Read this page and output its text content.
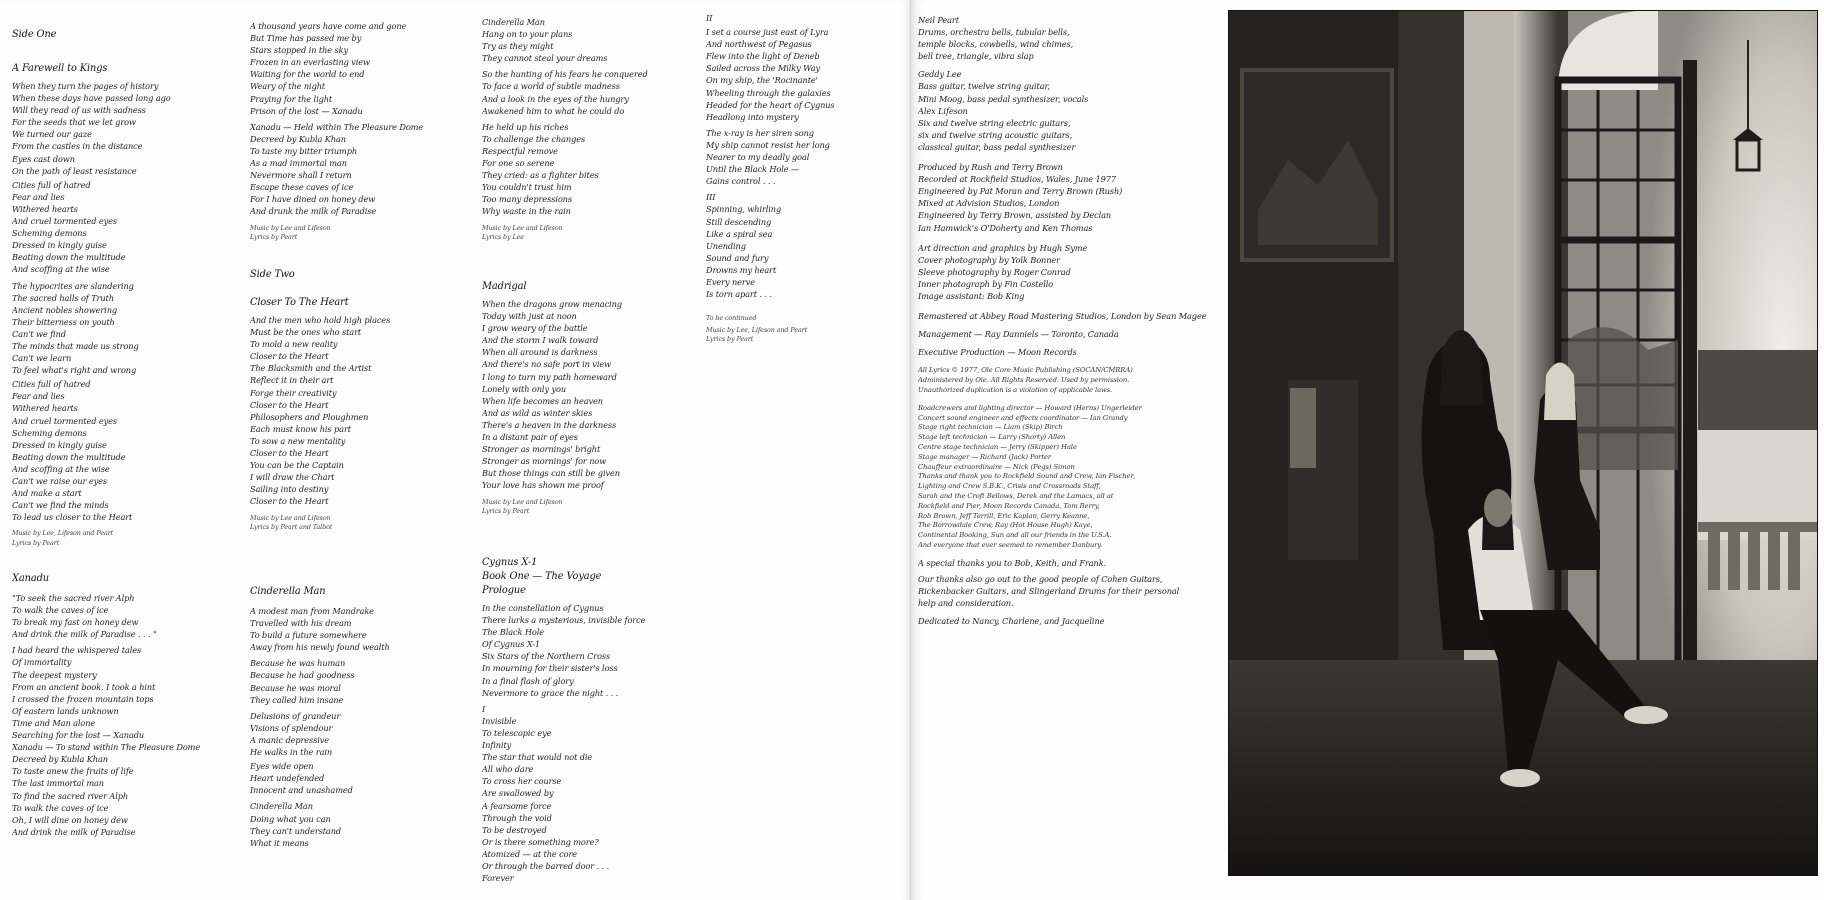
Side One

A Farewell to Kings

When they turn the pages of history

When these days have passed long ago

Will they read of us with sadness

For the seeds that we let grow

We turned our gaze

From the castles in the distance

Eyes cast down

On the path of least resistance

Cities full of hatred

Fear and lies

Withered hearts

And cruel tormented eyes

Scheming demons

Dressed in kingly guise

Beating down the multitude

And scoffing at the wise

The hypocrites are slandering

The sacred halls of Truth

Ancient nobles showering

Their bitterness on youth

Can't we find

The minds that made us strong

Can't we learn

To feel what's right and wrong

Cities full of hatred

Fear and lies

Withered hearts

And cruel tormented eyes

Scheming demons

Dressed in kingly guise

Beating down the multitude

And scoffing at the wise

Can't we raise our eyes

And make a start

Can't we find the minds

To lead us closer to the Heart

Music by Lee, Lifeson and Peart

Lyrics by Peart

Xanadu

"To seek the sacred river Alph

To walk the caves of ice

To break my fast on honey dew

And drink the milk of Paradise . . . "

I had heard the whispered tales

Of immortality

The deepest mystery

From an ancient book. I took a hint

I crossed the frozen mountain tops

Of eastern lands unknown

Time and Man alone

Searching for the lost — Xanadu

Xanadu — To stand within The Pleasure Dome

Decreed by Kubla Khan

To taste anew the fruits of life

The last immortal man

To find the sacred river Alph

To walk the caves of ice

Oh, I will dine on honey dew

And drink the milk of Paradise

A thousand years have come and gone

But Time has passed me by

Stars stopped in the sky

Frozen in an everlasting view

Waiting for the world to end

Weary of the night

Praying for the light

Prison of the lost — Xanadu

Xanadu — Held within The Pleasure Dome

Decreed by Kubla Khan

To taste my bitter triumph

As a mad immortal man

Nevermore shall I return

Escape these caves of ice

For I have dined on honey dew

And drunk the milk of Paradise

Music by Lee and Lifeson

Lyrics by Peart

Side Two

Closer To The Heart

And the men who hold high places

Must be the ones who start

To mold a new reality

Closer to the Heart

The Blacksmith and the Artist

Reflect it in their art

Forge their creativity

Closer to the Heart

Philosophers and Ploughmen

Each must know his part

To sow a new mentality

Closer to the Heart

You can be the Captain

I will draw the Chart

Sailing into destiny

Closer to the Heart

Music by Lee and Lifeson

Lyrics by Peart and Talbot

Cinderella Man

A modest man from Mandrake

Travelled with his dream

To build a future somewhere

Away from his newly found wealth

Because he was human

Because he had goodness

Because he was moral

They called him insane

Delusions of grandeur

Visions of splendour

A manic depressive

He walks in the rain

Eyes wide open

Heart undefended

Innocent and unashamed

Cinderella Man

Doing what you can

They can't understand

What it means

Cinderella Man

Hang on to your plans

Try as they might

They cannot steal your dreams

So the hunting of his fears he conquered

To face a world of subtle madness

And a look in the eyes of the hungry

Awakened him to what he could do

He held up his riches

To challenge the changes

Respectful remove

For one so serene

They cried: as a fighter bites

You couldn't trust him

Too many depressions

Why waste in the rain

Music by Lee and Lifeson

Lyrics by Lee

Madrigal

When the dragons grow menacing

Today with just at noon

I grow weary of the battle

And the storm I walk toward

When all around is darkness

And there's no safe port in view

I long to turn my path homeward

Lonely with only you

When life becomes an heaven

And as wild as winter skies

There's a heaven in the darkness

In a distant pair of eyes

Stronger as mornings' bright

Stronger as mornings' for now

But those things can still be given

Your love has shown me proof

Music by Lee and Lifeson

Lyrics by Peart

Cygnus X-1

Book One — The Voyage

Prologue

In the constellation of Cygnus

There lurks a mysterious, invisible force

The Black Hole

Of Cygnus X-1

Six Stars of the Northern Cross

In mourning for their sister's loss

In a final flash of glory

Nevermore to grace the night . . .

I

Invisible

To telescopic eye

Infinity

The star that would not die

All who dare

To cross her course

Are swallowed by

A fearsome force

Through the void

To be destroyed

Or is there something more?

Atomized — at the core

Or through the barred door . . .

Forever

II

I set a course just east of Lyra

And northwest of Pegasus

Flew into the light of Deneb

Sailed across the Milky Way

On my ship, the 'Rocinante'

Wheeling through the galaxies

Headed for the heart of Cygnus

Headlong into mystery

The x-ray is her siren song

My ship cannot resist her long

Nearer to my deadly goal

Until the Black Hole —

Gains control . . .

III

Spinning, whirling

Still descending

Like a spiral sea

Unending

Sound and fury

Drowns my heart

Every nerve

Is torn apart . . .

To be continued

Music by Lee, Lifeson and Peart

Lyrics by Peart

Neil Peart

Drums, orchestra bells, tubular bells,

temple blocks, cowbells, wind chimes,

bell tree, triangle, vibra slap

Geddy Lee

Bass guitar, twelve string guitar,

Mini Moog, bass pedal synthesizer, vocals

Alex Lifeson

Six and twelve string electric guitars,

six and twelve string acoustic guitars,

classical guitar, bass pedal synthesizer

Produced by Rush and Terry Brown

Recorded at Rockfield Studios, Wales, June 1977

Engineered by Pat Moran and Terry Brown (Rush)

Mixed at Advision Studios, London

Engineered by Terry Brown, assisted by Declan

Ian Hamwick's O'Doherty and Ken Thomas

Art direction and graphics by Hugh Syme

Cover photography by Yolk Bonner

Sleeve photography by Roger Conrad

Inner photograph by Fin Costello

Image assistant: Bob King

Remastered at Abbey Road Mastering Studios, London by Sean Magee

Management — Ray Danniels — Toronto, Canada

Executive Production — Moon Records

All Lyrics © 1977, Ole Core Music Publishing (SOCAN/CMRRA)

Administered by Ole. All Rights Reserved. Used by permission.

Unauthorized duplication is a violation of applicable laws.

Roadcrewers and lighting director — Howard (Herns) Ungerleider

Concert sound engineer and effects coordinator — Ian Grandy

Stage right technician — Liam (Skip) Birch

Stage left technician — Larry (Shorty) Allen

Centre stage technician — Jerry (Skipper) Hale

Stage manager — Richard (Jack) Porter

Chauffeur extraordinaire — Nick (Pegs) Simon

Thanks and thank you to Rockfield Sound and Crew, Ian Fischer,

Lighting and Crew S.B.K., Crisis and Crossroads Staff,

Sarah and the Croft Bellows, Derek and the Lamacs, all at

Rockfield and Pier, Moon Records Canada, Tom Berry,

Rob Brown, Jeff Terrill, Eric Kaplan, Gerry Keanne,

The Borrowdale Crew, Ray (Hot House Hugh) Kaye,

Continental Booking, Sun and all our friends in the U.S.A.

And everyone that ever seemed to remember Danbury.

A special thanks you to Bob, Keith, and Frank.

Our thanks also go out to the good people of Cohen Guitars,

Rickenbacker Guitars, and Slingerland Drums for their personal

help and consideration.

Dedicated to Nancy, Charlene, and Jacqueline
